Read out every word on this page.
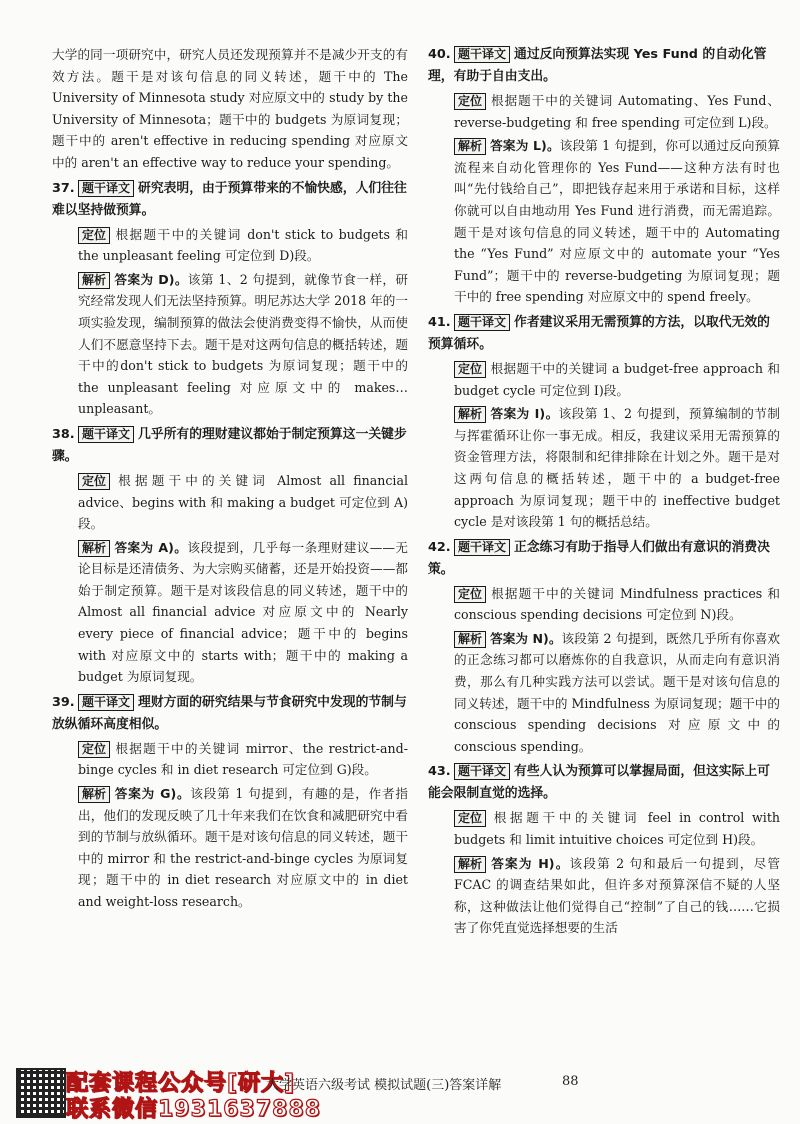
大学的同一项研究中，研究人员还发现预算并不是减少开支的有效方法。题干是对该句信息的同义转述，题干中的 The University of Minnesota study 对应原文中的 study by the University of Minnesota；题干中的 budgets 为原词复现；题干中的 aren't effective in reducing spending 对应原文中的 aren't an effective way to reduce your spending。
37. 题干译文 研究表明，由于预算带来的不愉快感，人们往往难以坚持做预算。
定位 根据题干中的关键词 don't stick to budgets 和 the unpleasant feeling 可定位到 D)段。
解析 答案为 D)。该第 1、2 句提到，就像节食一样，研究经常发现人们无法坚持预算。明尼苏达大学 2018 年的一项实验发现，编制预算的做法会使消费变得不愉快，从而使人们不愿意坚持下去。题干是对这两句信息的概括转述，题干中的don't stick to budgets 为原词复现；题干中的 the unpleasant feeling 对应原文中的 makes… unpleasant。
38. 题干译文 几乎所有的理财建议都始于制定预算这一关键步骤。
定位 根据题干中的关键词 Almost all financial advice、begins with 和 making a budget 可定位到 A)段。
解析 答案为 A)。该段提到，几乎每一条理财建议——无论目标是还清债务、为大宗购买储蓄，还是开始投资——都始于制定预算。题干是对该段信息的同义转述，题干中的 Almost all financial advice 对应原文中的 Nearly every piece of financial advice；题干中的 begins with 对应原文中的 starts with；题干中的 making a budget 为原词复现。
39. 题干译文 理财方面的研究结果与节食研究中发现的节制与放纵循环高度相似。
定位 根据题干中的关键词 mirror、the restrict-and-binge cycles 和 in diet research 可定位到 G)段。
解析 答案为 G)。该段第 1 句提到，有趣的是，作者指出，他们的发现反映了几十年来我们在饮食和减肥研究中看到的节制与放纵循环。题干是对该句信息的同义转述，题干中的 mirror 和 the restrict-and-binge cycles 为原词复现；题干中的 in diet research 对应原文中的 in diet and weight-loss research。
40. 题干译文 通过反向预算法实现 Yes Fund 的自动化管理，有助于自由支出。
定位 根据题干中的关键词 Automating、Yes Fund、reverse-budgeting 和 free spending 可定位到 L)段。
解析 答案为 L)。该段第 1 句提到，你可以通过反向预算流程来自动化管理你的 Yes Fund——这种方法有时也叫“先付钱给自己”，即把钱存起来用于承诺和目标，这样你就可以自由地动用 Yes Fund 进行消费，而无需追踪。题干是对该句信息的同义转述，题干中的 Automating the “Yes Fund” 对应原文中的 automate your “Yes Fund”；题干中的 reverse-budgeting 为原词复现；题干中的 free spending 对应原文中的 spend freely。
41. 题干译文 作者建议采用无需预算的方法，以取代无效的预算循环。
定位 根据题干中的关键词 a budget-free approach 和 budget cycle 可定位到 I)段。
解析 答案为 I)。该段第 1、2 句提到，预算编制的节制与挥霍循环让你一事无成。相反，我建议采用无需预算的资金管理方法，将限制和纪律排除在计划之外。题干是对这两句信息的概括转述，题干中的 a budget-free approach 为原词复现；题干中的 ineffective budget cycle 是对该段第 1 句的概括总结。
42. 题干译文 正念练习有助于指导人们做出有意识的消费决策。
定位 根据题干中的关键词 Mindfulness practices 和 conscious spending decisions 可定位到 N)段。
解析 答案为 N)。该段第 2 句提到，既然几乎所有你喜欢的正念练习都可以磨炼你的自我意识，从而走向有意识消费，那么有几种实践方法可以尝试。题干是对该句信息的同义转述，题干中的 Mindfulness 为原词复现；题干中的 conscious spending decisions 对应原文中的 conscious spending。
43. 题干译文 有些人认为预算可以掌握局面，但这实际上可能会限制直觉的选择。
定位 根据题干中的关键词 feel in control with budgets 和 limit intuitive choices 可定位到 H)段。
解析 答案为 H)。该段第 2 句和最后一句提到，尽管 FCAC 的调查结果如此，但许多对预算深信不疑的人坚称，这种做法让他们觉得自己“控制”了自己的钱……它损害了你凭直觉选择想要的生活
配套课程公众号[研大]
联系微信1931637888
大学英语六级考试 模拟试题(三)答案详解	88
